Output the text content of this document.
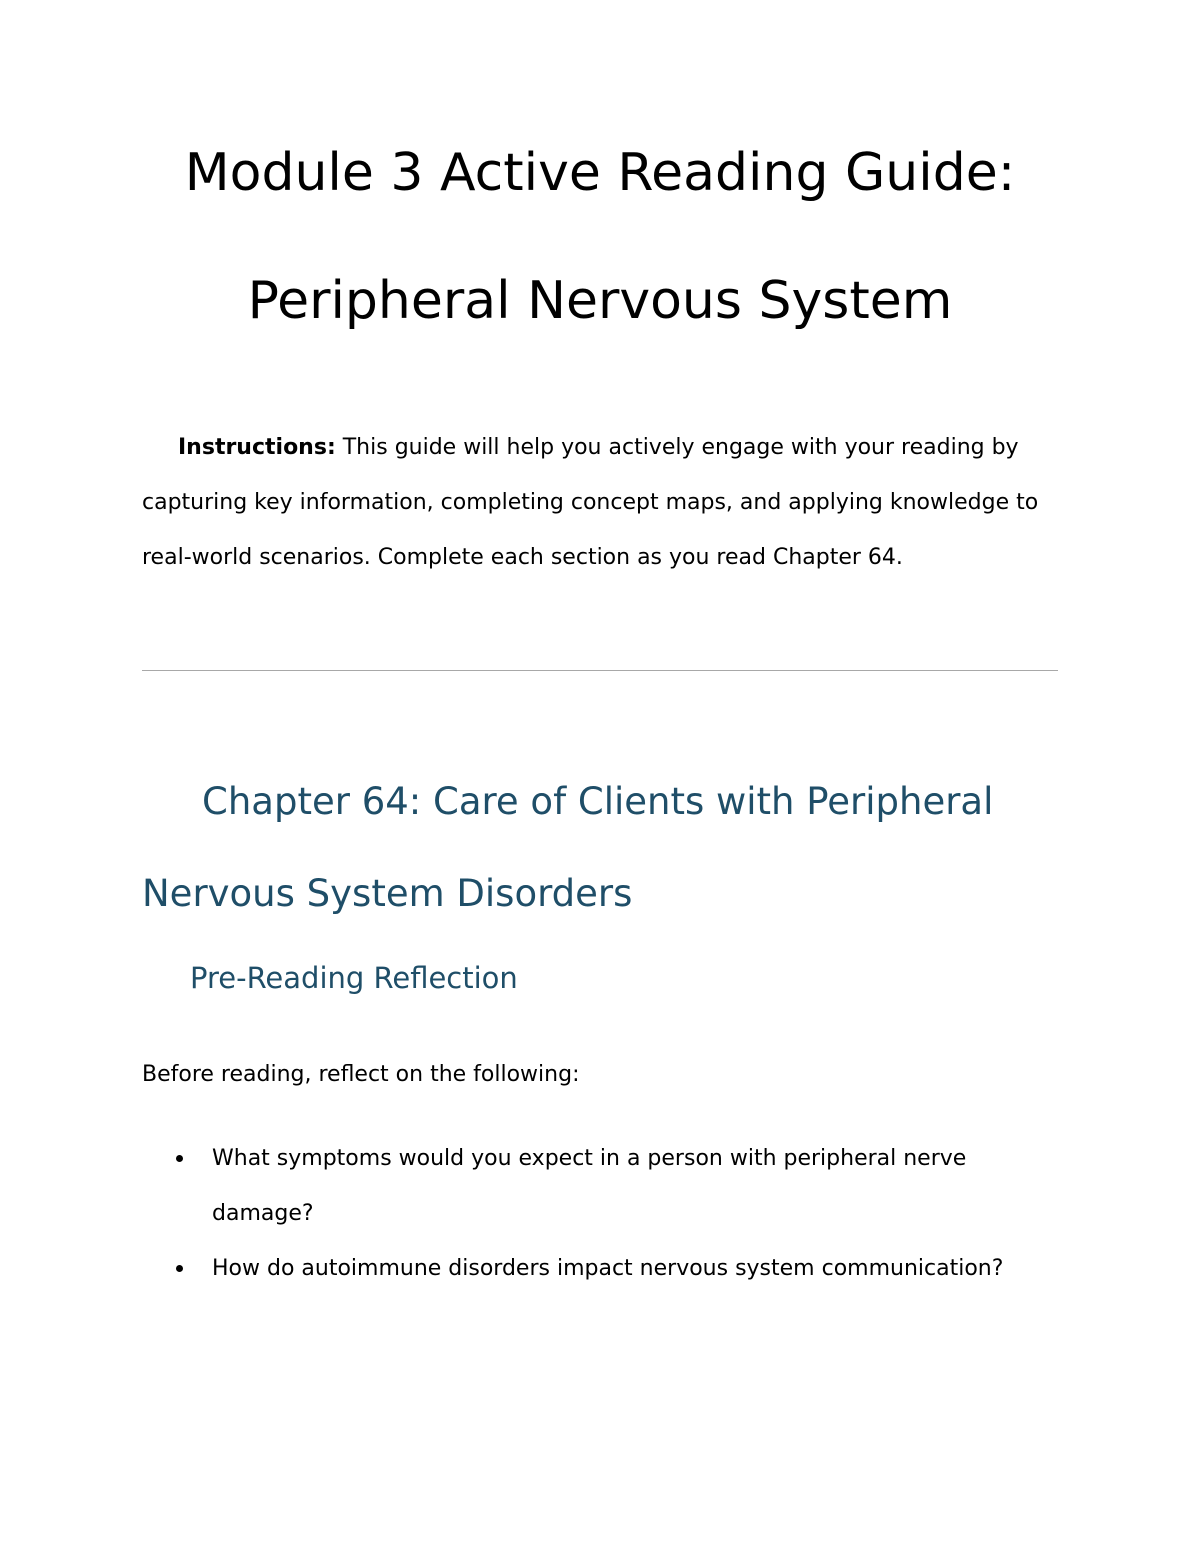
Module 3 Active Reading Guide:
Peripheral Nervous System
Instructions: This guide will help you actively engage with your reading by capturing key information, completing concept maps, and applying knowledge to real-world scenarios. Complete each section as you read Chapter 64.
Chapter 64: Care of Clients with Peripheral Nervous System Disorders
Pre-Reading Reflection
Before reading, reflect on the following:
What symptoms would you expect in a person with peripheral nerve damage?
How do autoimmune disorders impact nervous system communication?
